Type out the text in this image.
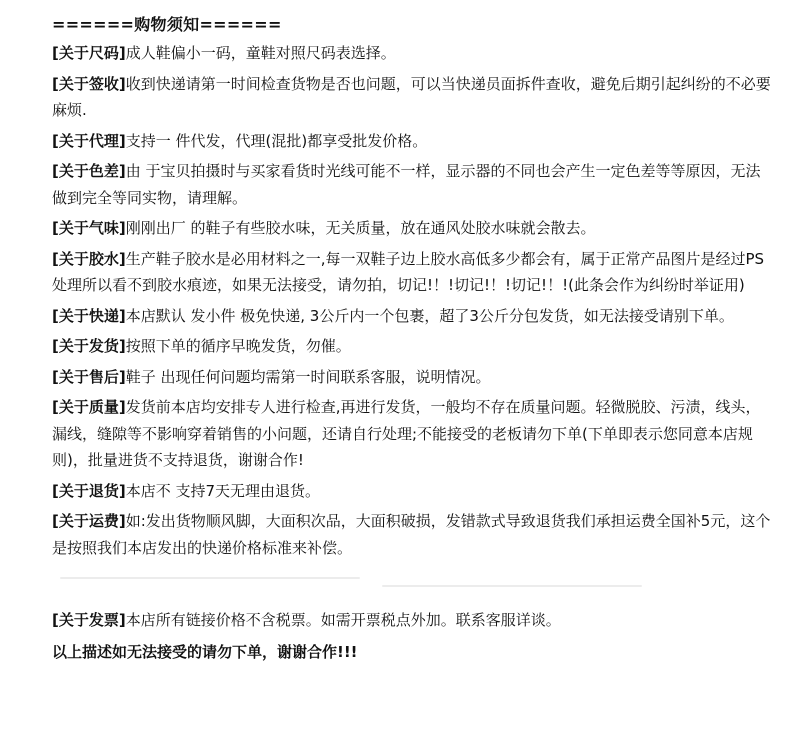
======购物须知======
[关于尺码]成人鞋偏小一码，童鞋对照尺码表选择。
[关于签收]收到快递请第一时间检查货物是否也问题，可以当快递员面拆件查收，避免后期引起纠纷的不必要麻烦.
[关于代理]支持一 件代发，代理(混批)都享受批发价格。
[关于色差]由 于宝贝拍摄时与买家看货时光线可能不一样，显示器的不同也会产生一定色差等等原因，无法做到完全等同实物，请理解。
[关于气味]刚刚出厂 的鞋子有些胶水味，无关质量，放在通风处胶水味就会散去。
[关于胶水]生产鞋子胶水是必用材料之一,每一双鞋子边上胶水高低多少都会有，属于正常产品图片是经过PS处理所以看不到胶水痕迹，如果无法接受，请勿拍，切记!！!切记!！!切记!！!(此条会作为纠纷时举证用)
[关于快递]本店默认 发小件 极免快递, 3公斤内一个包裹，超了3公斤分包发货，如无法接受请别下单。
[关于发货]按照下单的循序早晚发货，勿催。
[关于售后]鞋子 出现任何问题均需第一时间联系客服，说明情况。
[关于质量]发货前本店均安排专人进行检查,再进行发货，一般均不存在质量问题。轻微脱胶、污渍，线头，漏线，缝隙等不影响穿着销售的小问题，还请自行处理;不能接受的老板请勿下单(下单即表示您同意本店规则)，批量进货不支持退货，谢谢合作!
[关于退货]本店不 支持7天无理由退货。
[关于运费]如:发出货物顺风脚，大面积次品，大面积破损，发错款式导致退货我们承担运费全国补5元，这个是按照我们本店发出的快递价格标准来补偿。
[关于发票]本店所有链接价格不含税票。如需开票税点外加。联系客服详谈。
以上描述如无法接受的请勿下单，谢谢合作!!!
